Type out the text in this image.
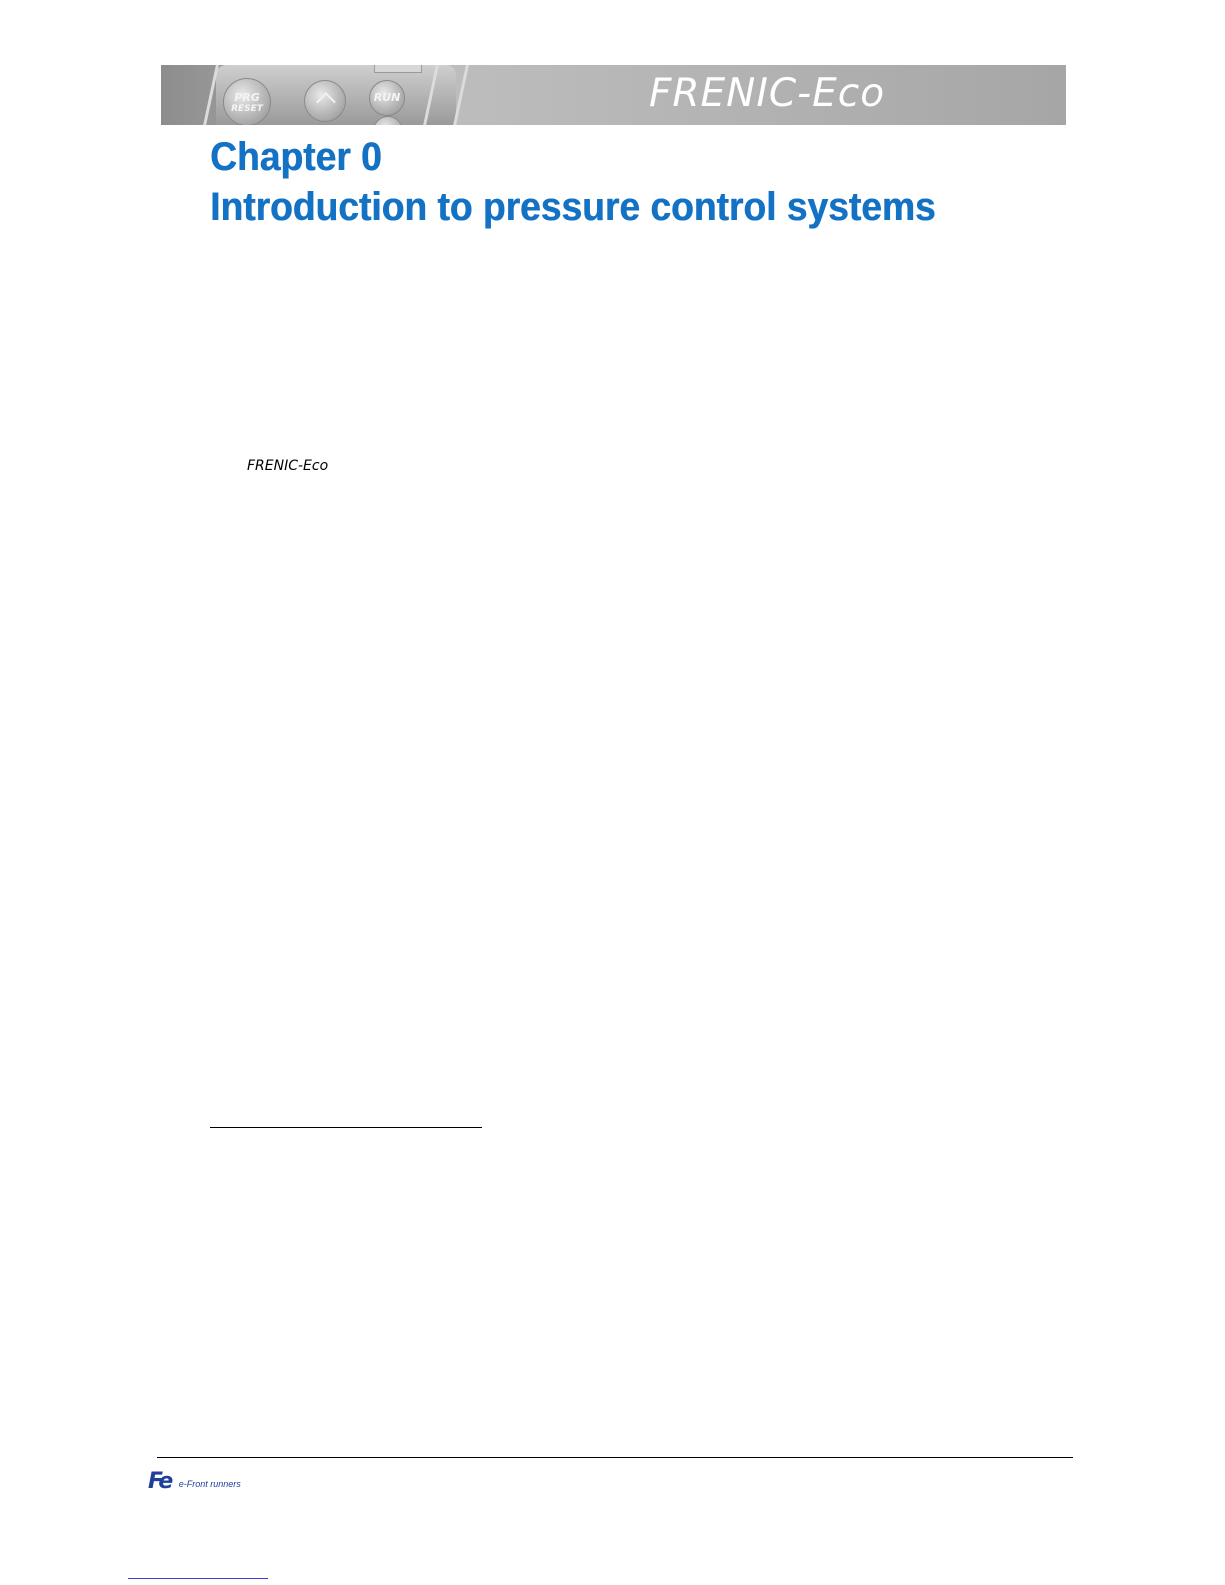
PRG
RESET
RUN	FRENIC-Eco
Chapter 0
Introduction to pressure control systems
FRENIC-Eco
Fe e-Front runners
